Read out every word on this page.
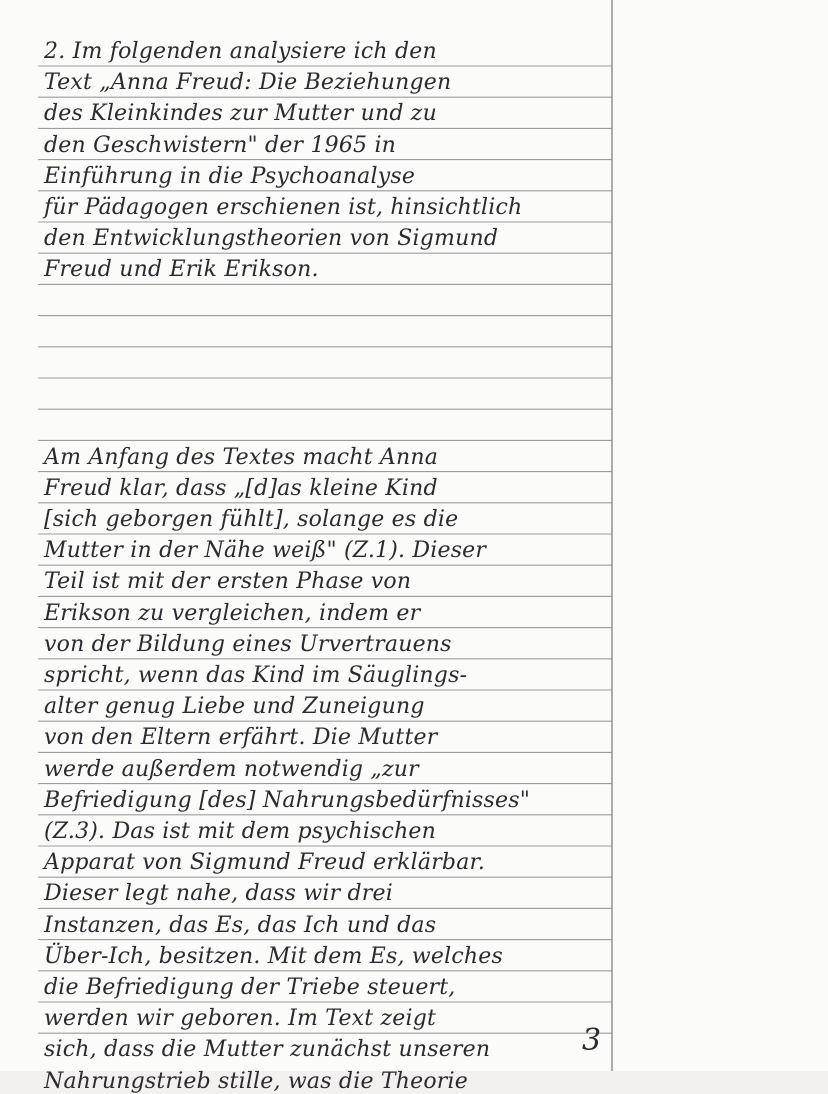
2. Im folgenden analysiere ich den
Text „Anna Freud: Die Beziehungen
des Kleinkindes zur Mutter und zu
den Geschwistern" der 1965 in
Einführung in die Psychoanalyse
für Pädagogen erschienen ist, hinsichtlich
den Entwicklungstheorien von Sigmund
Freud und Erik Erikson.
Am Anfang des Textes macht Anna
Freud klar, dass „[d]as kleine Kind
[sich geborgen fühlt], solange es die
Mutter in der Nähe weiß" (Z.1). Dieser
Teil ist mit der ersten Phase von
Erikson zu vergleichen, indem er
von der Bildung eines Urvertrauens
spricht, wenn das Kind im Säuglings-
alter genug Liebe und Zuneigung
von den Eltern erfährt. Die Mutter
werde außerdem notwendig „zur
Befriedigung [des] Nahrungsbedürfnisses"
(Z.3). Das ist mit dem psychischen
Apparat von Sigmund Freud erklärbar.
Dieser legt nahe, dass wir drei
Instanzen, das Es, das Ich und das
Über-Ich, besitzen. Mit dem Es, welches
die Befriedigung der Triebe steuert,
werden wir geboren. Im Text zeigt
sich, dass die Mutter zunächst unseren
Nahrungstrieb stille, was die Theorie
3
